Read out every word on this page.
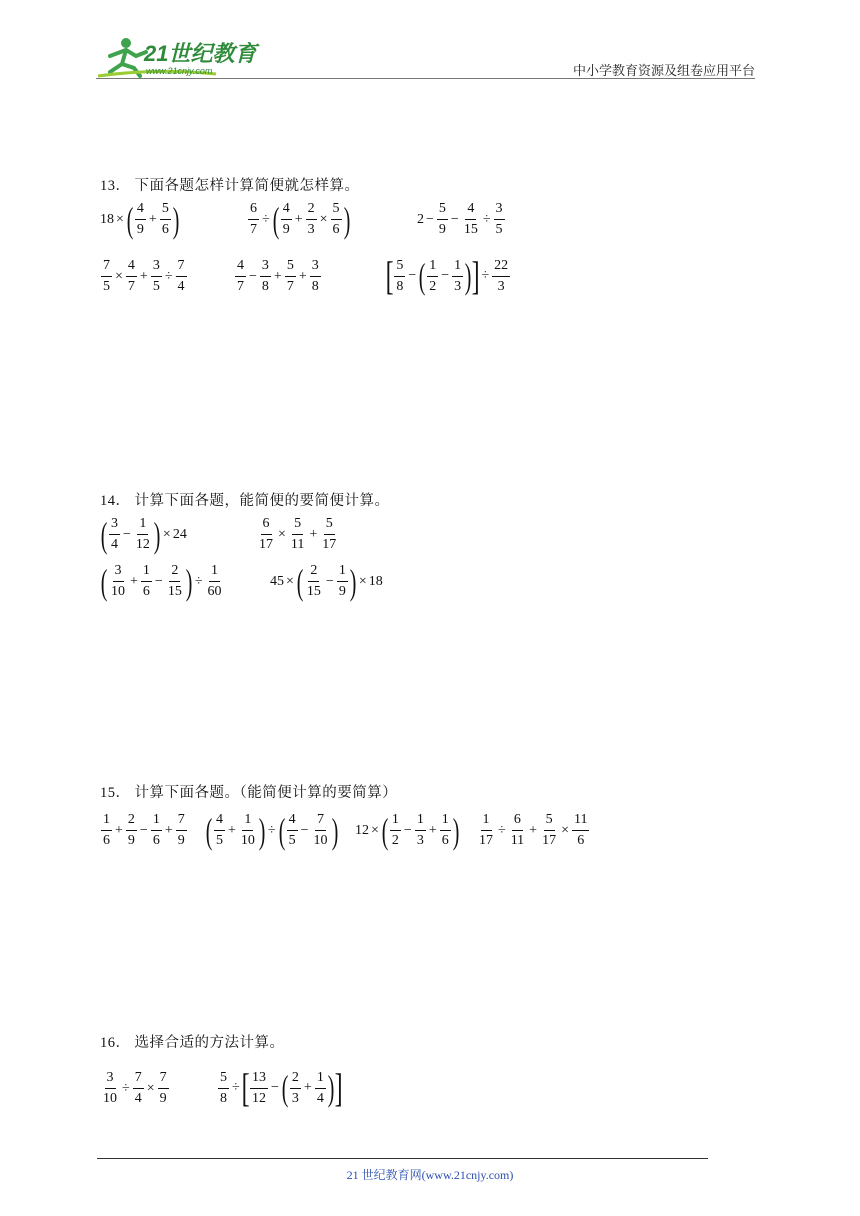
21世纪教育
www.21cnjy.com	中小学教育资源及组卷应用平台
13． 下面各题怎样计算简便就怎样算。
18 × ( $\frac{4}{9} + \frac{5}{6}$ )	$\frac{6}{7}$ ÷ ( $\frac{4}{9} + \frac{2}{3} \times \frac{5}{6}$ )	$2 - \frac{5}{9} - \frac{4}{15} \div \frac{3}{5}$
$\frac{7}{5} \times \frac{4}{7} + \frac{3}{5} \div \frac{7}{4}$	$\frac{4}{7} - \frac{3}{8} + \frac{5}{7} + \frac{3}{8}$ [ $\frac{5}{8}$ − ( $\frac{1}{2} - \frac{1}{3}$ ) ] ÷ $\frac{22}{3}$
14． 计算下面各题，能简便的要简便计算。
( $\frac{3}{4} - \frac{1}{12}$ ) × 24	$\frac{6}{17} \times \frac{5}{11} + \frac{5}{17}$
( $\frac{3}{10} + \frac{1}{6} - \frac{2}{15}$ ) ÷ $\frac{1}{60}$	45 × ( $\frac{2}{15} - \frac{1}{9}$ ) × 18
15． 计算下面各题。（能简便计算的要简算）
$\frac{1}{6} + \frac{2}{9} - \frac{1}{6} + \frac{7}{9}$ ( $\frac{4}{5} + \frac{1}{10}$ ) ÷ ( $\frac{4}{5} - \frac{7}{10}$ ) 12 × ( $\frac{1}{2} - \frac{1}{3} + \frac{1}{6}$ ) $\frac{1}{17} \div \frac{6}{11} + \frac{5}{17} \times \frac{11}{6}$
16． 选择合适的方法计算。
$\frac{3}{10} \div \frac{7}{4} \times \frac{7}{9}$	$\frac{5}{8}$ ÷ [ $\frac{13}{12}$ − ( $\frac{2}{3} + \frac{1}{4}$ ) ]
21 世纪教育网(www.21cnjy.com)
